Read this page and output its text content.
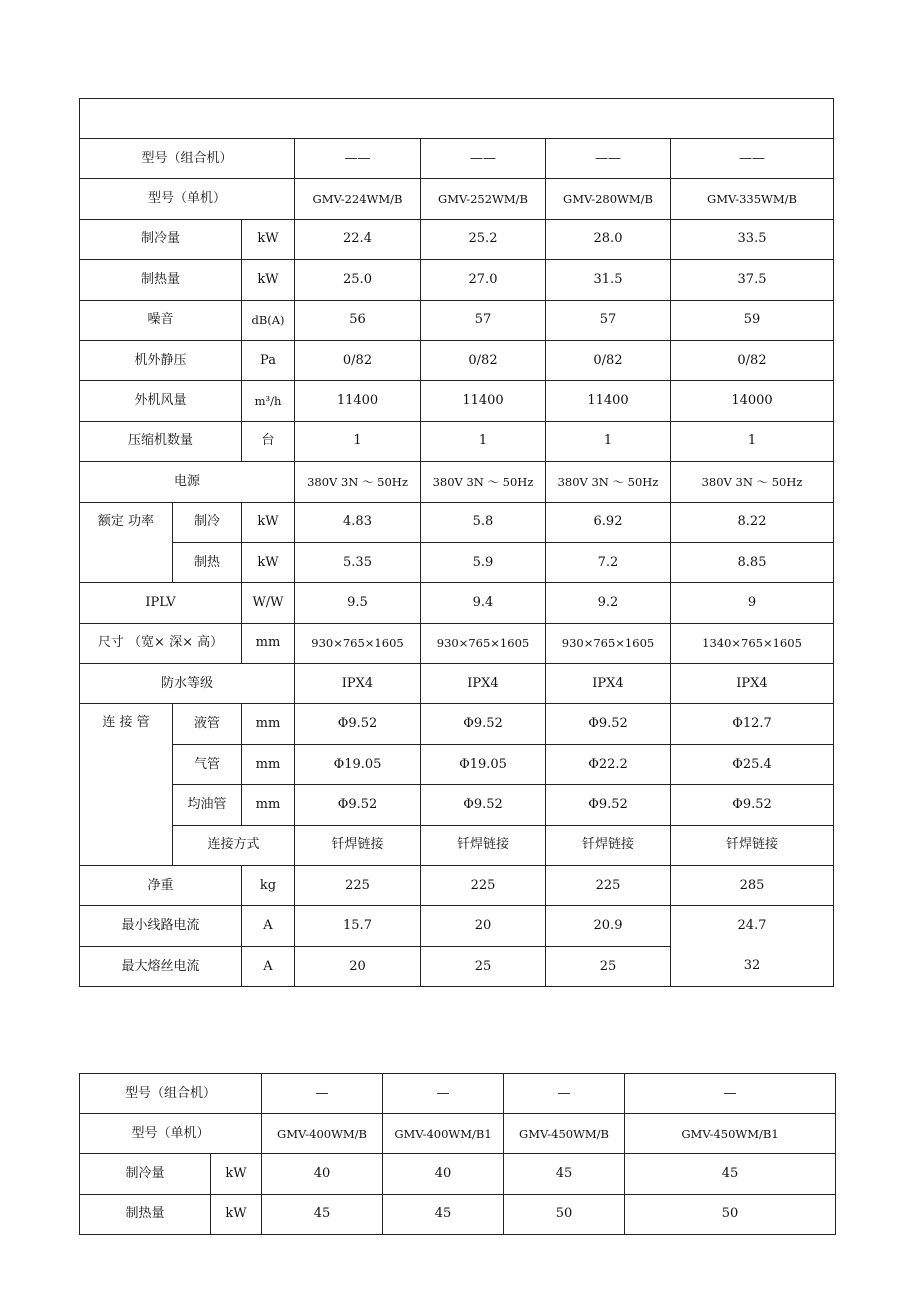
型号（组合机）			——	——	——	——
型号（单机）			GMV-224WM/B	GMV-252WM/B	GMV-280WM/B	GMV-335WM/B
制冷量		kW	22.4	25.2	28.0	33.5
制热量		kW	25.0	27.0	31.5	37.5
噪音		dB(A)	56	57	57	59
机外静压		Pa	0/82	0/82	0/82	0/82
外机风量		m³/h	11400	11400	11400	14000
压缩机数量		台	1	1	1	1
电源			380V 3N ～ 50Hz	380V 3N ～ 50Hz	380V 3N ～ 50Hz	380V 3N ～ 50Hz
额定 功率	制冷	kW	4.83	5.8	6.92	8.22
	制热	kW	5.35	5.9	7.2	8.85
IPLV		W/W	9.5	9.4	9.2	9
尺寸 （宽× 深× 高）		mm	930×765×1605	930×765×1605	930×765×1605	1340×765×1605
防水等级			IPX4	IPX4	IPX4	IPX4
连 接 管	液管	mm	Φ9.52	Φ9.52	Φ9.52	Φ12.7
	气管	mm	Φ19.05	Φ19.05	Φ22.2	Φ25.4
	均油管	mm	Φ9.52	Φ9.52	Φ9.52	Φ9.52
	连接方式		钎焊链接	钎焊链接	钎焊链接	钎焊链接
净重		kg	225	225	225	285
最小线路电流		A	15.7	20	20.9	24.7
最大熔丝电流		A	20	25	25	32
型号（组合机）		—	—	—	—
型号（单机）		GMV-400WM/B	GMV-400WM/B1	GMV-450WM/B	GMV-450WM/B1
制冷量	kW	40	40	45	45
制热量	kW	45	45	50	50
